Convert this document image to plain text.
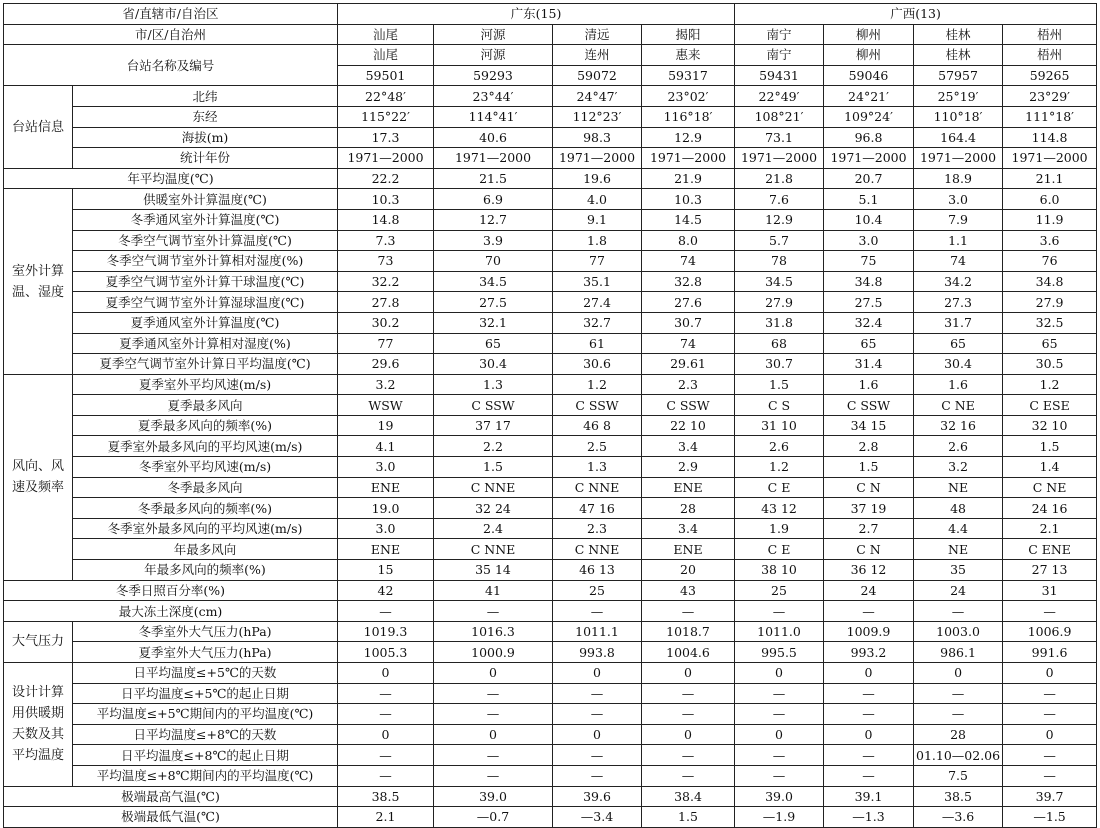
省/直辖市/自治区		广东(15)				广西(13)			
市/区/自治州		汕尾	河源	清远	揭阳	南宁	柳州	桂林	梧州
台站名称及编号		汕尾	河源	连州	惠来	南宁	柳州	桂林	梧州
		59501	59293	59072	59317	59431	59046	57957	59265
台站信息	北纬	22°48′	23°44′	24°47′	23°02′	22°49′	24°21′	25°19′	23°29′
	东经	115°22′	114°41′	112°23′	116°18′	108°21′	109°24′	110°18′	111°18′
	海拔(m)	17.3	40.6	98.3	12.9	73.1	96.8	164.4	114.8
	统计年份	1971—2000	1971—2000	1971—2000	1971—2000	1971—2000	1971—2000	1971—2000	1971—2000
年平均温度(℃)		22.2	21.5	19.6	21.9	21.8	20.7	18.9	21.1
室外计算温、湿度	供暖室外计算温度(℃)	10.3	6.9	4.0	10.3	7.6	5.1	3.0	6.0
	冬季通风室外计算温度(℃)	14.8	12.7	9.1	14.5	12.9	10.4	7.9	11.9
	冬季空气调节室外计算温度(℃)	7.3	3.9	1.8	8.0	5.7	3.0	1.1	3.6
	冬季空气调节室外计算相对湿度(%)	73	70	77	74	78	75	74	76
	夏季空气调节室外计算干球温度(℃)	32.2	34.5	35.1	32.8	34.5	34.8	34.2	34.8
	夏季空气调节室外计算湿球温度(℃)	27.8	27.5	27.4	27.6	27.9	27.5	27.3	27.9
	夏季通风室外计算温度(℃)	30.2	32.1	32.7	30.7	31.8	32.4	31.7	32.5
	夏季通风室外计算相对湿度(%)	77	65	61	74	68	65	65	65
	夏季空气调节室外计算日平均温度(℃)	29.6	30.4	30.6	29.61	30.7	31.4	30.4	30.5
风向、风速及频率	夏季室外平均风速(m/s)	3.2	1.3	1.2	2.3	1.5	1.6	1.6	1.2
	夏季最多风向	WSW	C SSW	C SSW	C SSW	C S	C SSW	C NE	C ESE
	夏季最多风向的频率(%)	19	37 17	46 8	22 10	31 10	34 15	32 16	32 10
	夏季室外最多风向的平均风速(m/s)	4.1	2.2	2.5	3.4	2.6	2.8	2.6	1.5
	冬季室外平均风速(m/s)	3.0	1.5	1.3	2.9	1.2	1.5	3.2	1.4
	冬季最多风向	ENE	C NNE	C NNE	ENE	C E	C N	NE	C NE
	冬季最多风向的频率(%)	19.0	32 24	47 16	28	43 12	37 19	48	24 16
	冬季室外最多风向的平均风速(m/s)	3.0	2.4	2.3	3.4	1.9	2.7	4.4	2.1
	年最多风向	ENE	C NNE	C NNE	ENE	C E	C N	NE	C ENE
	年最多风向的频率(%)	15	35 14	46 13	20	38 10	36 12	35	27 13
冬季日照百分率(%)		42	41	25	43	25	24	24	31
最大冻土深度(cm)		—	—	—	—	—	—	—	—
大气压力	冬季室外大气压力(hPa)	1019.3	1016.3	1011.1	1018.7	1011.0	1009.9	1003.0	1006.9
	夏季室外大气压力(hPa)	1005.3	1000.9	993.8	1004.6	995.5	993.2	986.1	991.6
设计计算用供暖期天数及其平均温度	日平均温度≤+5℃的天数	0	0	0	0	0	0	0	0
	日平均温度≤+5℃的起止日期	—	—	—	—	—	—	—	—
	平均温度≤+5℃期间内的平均温度(℃)	—	—	—	—	—	—	—	—
	日平均温度≤+8℃的天数	0	0	0	0	0	0	28	0
	日平均温度≤+8℃的起止日期	—	—	—	—	—	—	01.10—02.06	—
	平均温度≤+8℃期间内的平均温度(℃)	—	—	—	—	—	—	7.5	—
极端最高气温(℃)		38.5	39.0	39.6	38.4	39.0	39.1	38.5	39.7
极端最低气温(℃)		2.1	—0.7	—3.4	1.5	—1.9	—1.3	—3.6	—1.5
